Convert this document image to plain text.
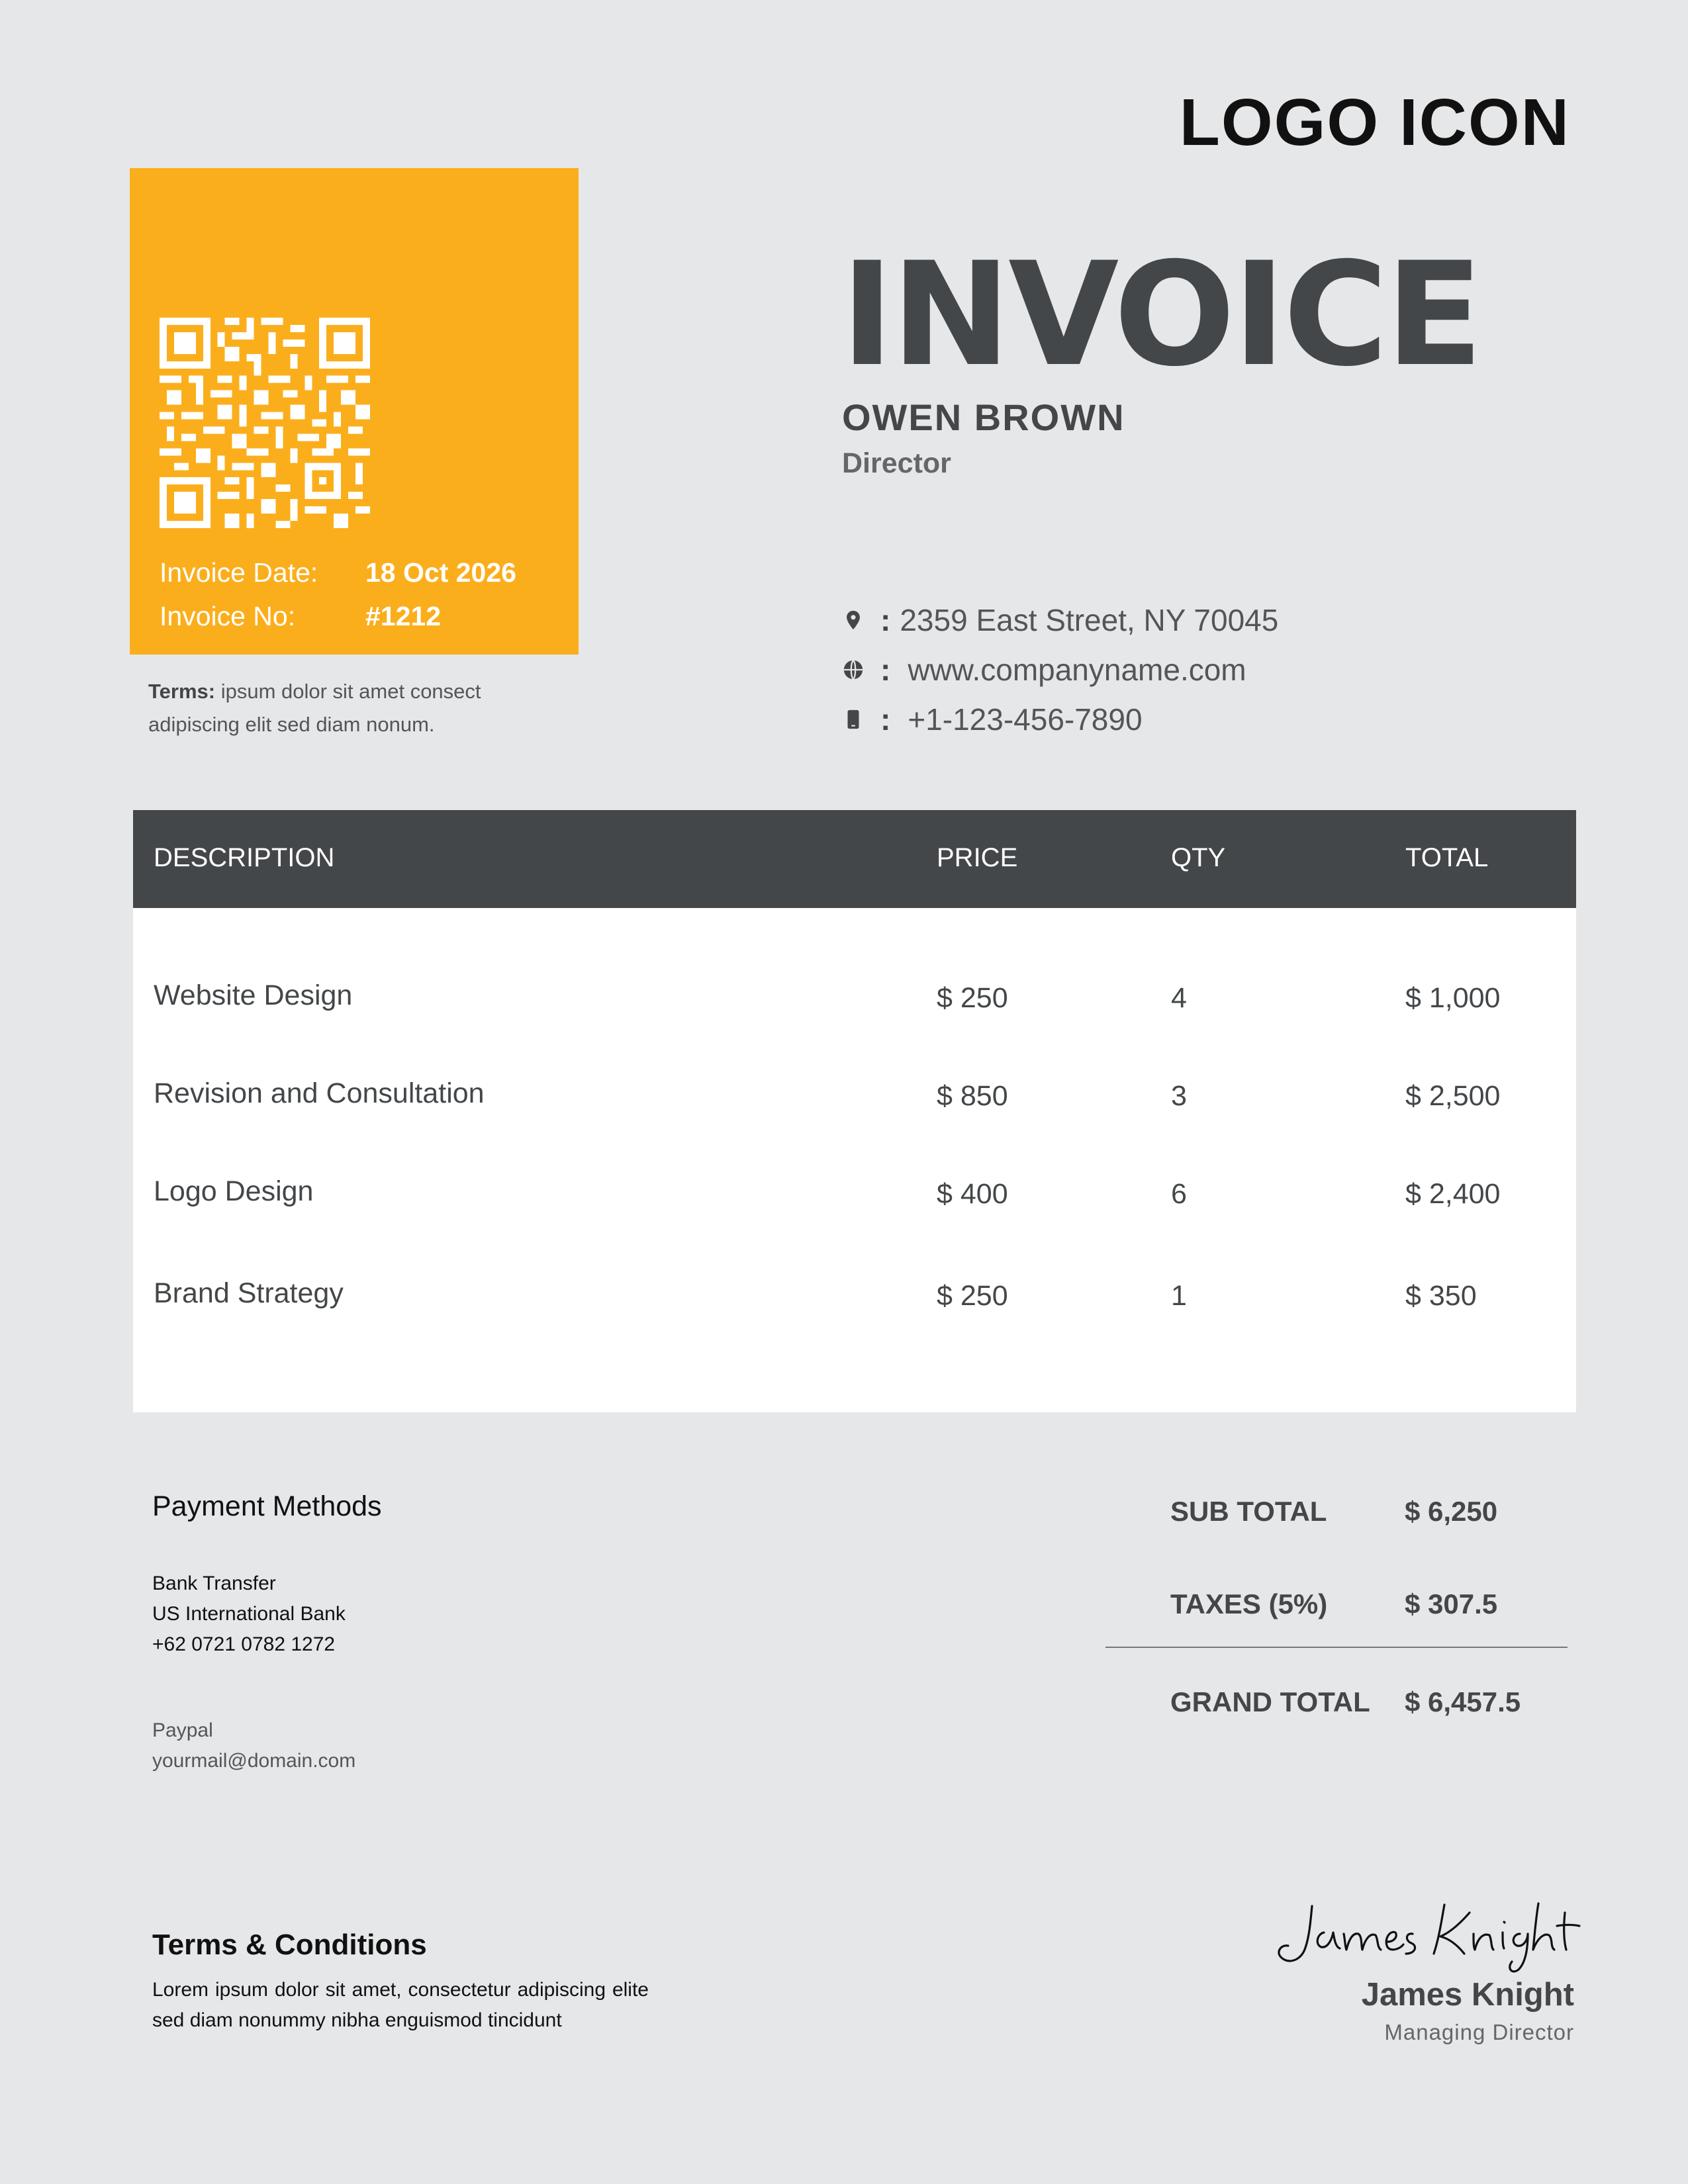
LOGO ICON
Invoice Date: 18 Oct 2026
Invoice No:	#1212
Terms: ipsum dolor sit amet consect adipiscing elit sed diam nonum.
INVOICE
OWEN BROWN
Director
: 2359 East Street, NY 70045
: www.companyname.com
: +1-123-456-7890
DESCRIPTION	PRICE	QTY	TOTAL
Website Design	$ 250	4	$ 1,000
Revision and Consultation	$ 850	3	$ 2,500
Logo Design	$ 400	6	$ 2,400
Brand Strategy	$ 250	1	$ 350
Payment Methods
Bank Transfer
US International Bank
+62 0721 0782 1272
Paypal
yourmail@domain.com
SUB TOTAL	$ 6,250
TAXES (5%)	$ 307.5
GRAND TOTAL $ 6,457.5
Terms & Conditions
Lorem ipsum dolor sit amet, consectetur adipiscing elite sed diam nonummy nibha enguismod tincidunt
James Knight
Managing Director
